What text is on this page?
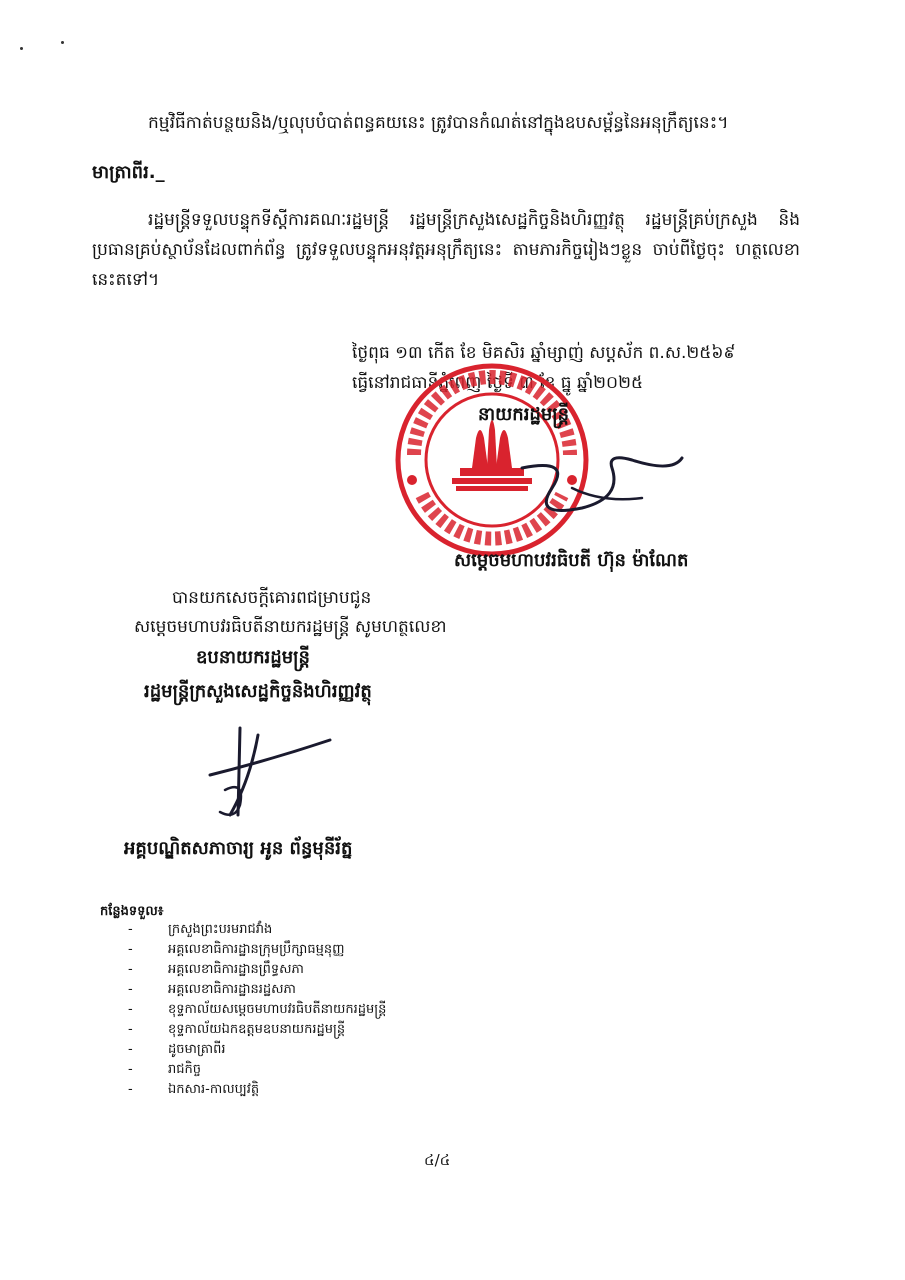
កម្មវិធីកាត់បន្ថយនិង/ឬលុបបំបាត់ពន្ធគយនេះ ត្រូវបានកំណត់នៅក្នុងឧបសម្ព័ន្ធនៃអនុក្រឹត្យនេះ។
មាត្រាពីរ._
រដ្ឋមន្ត្រីទទួលបន្ទុកទីស្ដីការគណៈរដ្ឋមន្ត្រី រដ្ឋមន្ត្រីក្រសួងសេដ្ឋកិច្ចនិងហិរញ្ញវត្ថុ រដ្ឋមន្ត្រីគ្រប់ក្រសួង និង ប្រធានគ្រប់ស្ថាប័នដែលពាក់ព័ន្ធ ត្រូវទទួលបន្ទុកអនុវត្តអនុក្រឹត្យនេះ តាមភារកិច្ចរៀងៗខ្លួន ចាប់ពីថ្ងៃចុះ ហត្ថលេខានេះតទៅ។
ថ្ងៃពុធ ១៣ កើត ខែ មិគសិរ ឆ្នាំម្សាញ់ សប្តស័ក ព.ស.២៥៦៩
ធ្វើនៅរាជធានីភ្នំពេញ ថ្ងៃទី ៣ ខែ ធ្នូ ឆ្នាំ២០២៥
នាយករដ្ឋមន្ត្រី
សម្តេចមហាបវរធិបតី ហ៊ុន ម៉ាណែត
បានយកសេចក្តីគោរពជម្រាបជូន
សម្តេចមហាបវរធិបតីនាយករដ្ឋមន្ត្រី សូមហត្ថលេខា
ឧបនាយករដ្ឋមន្ត្រី
រដ្ឋមន្ត្រីក្រសួងសេដ្ឋកិច្ចនិងហិរញ្ញវត្ថុ
អគ្គបណ្ឌិតសភាចារ្យ អូន ព័ន្ធមុនីរ័ត្ន
កន្លែងទទួល៖
-	ក្រសួងព្រះបរមរាជវាំង
-	អគ្គលេខាធិការដ្ឋានក្រុមប្រឹក្សាធម្មនុញ្ញ
-	អគ្គលេខាធិការដ្ឋានព្រឹទ្ធសភា
-	អគ្គលេខាធិការដ្ឋានរដ្ឋសភា
-	ខុទ្ទកាល័យសម្តេចមហាបវរធិបតីនាយករដ្ឋមន្ត្រី
-	ខុទ្ទកាល័យឯកឧត្តមឧបនាយករដ្ឋមន្ត្រី
-	ដូចមាត្រាពីរ
-	រាជកិច្ច
-	ឯកសារ-កាលប្បវត្តិ
៤/៤
